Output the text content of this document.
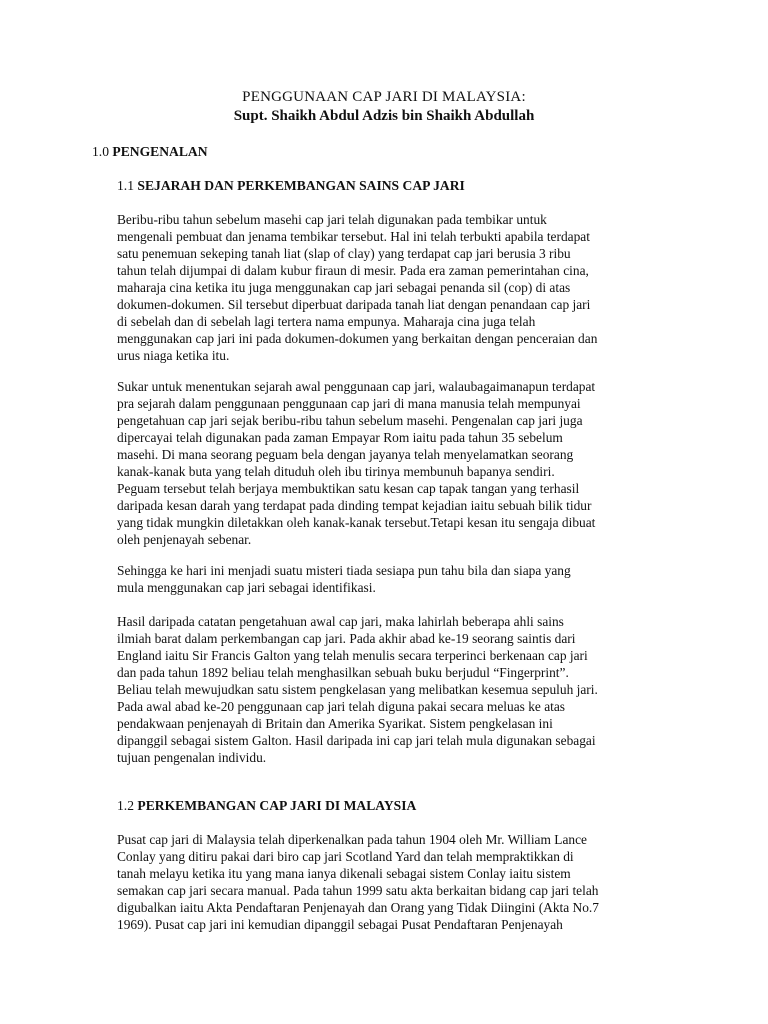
PENGGUNAAN CAP JARI DI MALAYSIA:
Supt. Shaikh Abdul Adzis bin Shaikh Abdullah
1.0 PENGENALAN
1.1 SEJARAH DAN PERKEMBANGAN SAINS CAP JARI

Beribu-ribu tahun sebelum masehi cap jari telah digunakan pada tembikar untuk
mengenali pembuat dan jenama tembikar tersebut. Hal ini telah terbukti apabila terdapat
satu penemuan sekeping tanah liat (slap of clay) yang terdapat cap jari berusia 3 ribu
tahun telah dijumpai di dalam kubur firaun di mesir. Pada era zaman pemerintahan cina,
maharaja cina ketika itu juga menggunakan cap jari sebagai penanda sil (cop) di atas
dokumen-dokumen. Sil tersebut diperbuat daripada tanah liat dengan penandaan cap jari
di sebelah dan di sebelah lagi tertera nama empunya. Maharaja cina juga telah
menggunakan cap jari ini pada dokumen-dokumen yang berkaitan dengan penceraian dan
urus niaga ketika itu.

Sukar untuk menentukan sejarah awal penggunaan cap jari, walaubagaimanapun terdapat
pra sejarah dalam penggunaan penggunaan cap jari di mana manusia telah mempunyai
pengetahuan cap jari sejak beribu-ribu tahun sebelum masehi. Pengenalan cap jari juga
dipercayai telah digunakan pada zaman Empayar Rom iaitu pada tahun 35 sebelum
masehi. Di mana seorang peguam bela dengan jayanya telah menyelamatkan seorang
kanak-kanak buta yang telah dituduh oleh ibu tirinya membunuh bapanya sendiri.
Peguam tersebut telah berjaya membuktikan satu kesan cap tapak tangan yang terhasil
daripada kesan darah yang terdapat pada dinding tempat kejadian iaitu sebuah bilik tidur
yang tidak mungkin diletakkan oleh kanak-kanak tersebut.Tetapi kesan itu sengaja dibuat
oleh penjenayah sebenar.

Sehingga ke hari ini menjadi suatu misteri tiada sesiapa pun tahu bila dan siapa yang
mula menggunakan cap jari sebagai identifikasi.

Hasil daripada catatan pengetahuan awal cap jari, maka lahirlah beberapa ahli sains
ilmiah barat dalam perkembangan cap jari. Pada akhir abad ke-19 seorang saintis dari
England iaitu Sir Francis Galton yang telah menulis secara terperinci berkenaan cap jari
dan pada tahun 1892 beliau telah menghasilkan sebuah buku berjudul “Fingerprint”.
Beliau telah mewujudkan satu sistem pengkelasan yang melibatkan kesemua sepuluh jari.
Pada awal abad ke-20 penggunaan cap jari telah diguna pakai secara meluas ke atas
pendakwaan penjenayah di Britain dan Amerika Syarikat. Sistem pengkelasan ini
dipanggil sebagai sistem Galton. Hasil daripada ini cap jari telah mula digunakan sebagai
tujuan pengenalan individu.

1.2 PERKEMBANGAN CAP JARI DI MALAYSIA

Pusat cap jari di Malaysia telah diperkenalkan pada tahun 1904 oleh Mr. William Lance
Conlay yang ditiru pakai dari biro cap jari Scotland Yard dan telah mempraktikkan di
tanah melayu ketika itu yang mana ianya dikenali sebagai sistem Conlay iaitu sistem
semakan cap jari secara manual. Pada tahun 1999 satu akta berkaitan bidang cap jari telah
digubalkan iaitu Akta Pendaftaran Penjenayah dan Orang yang Tidak Diingini (Akta No.7
1969). Pusat cap jari ini kemudian dipanggil sebagai Pusat Pendaftaran Penjenayah
